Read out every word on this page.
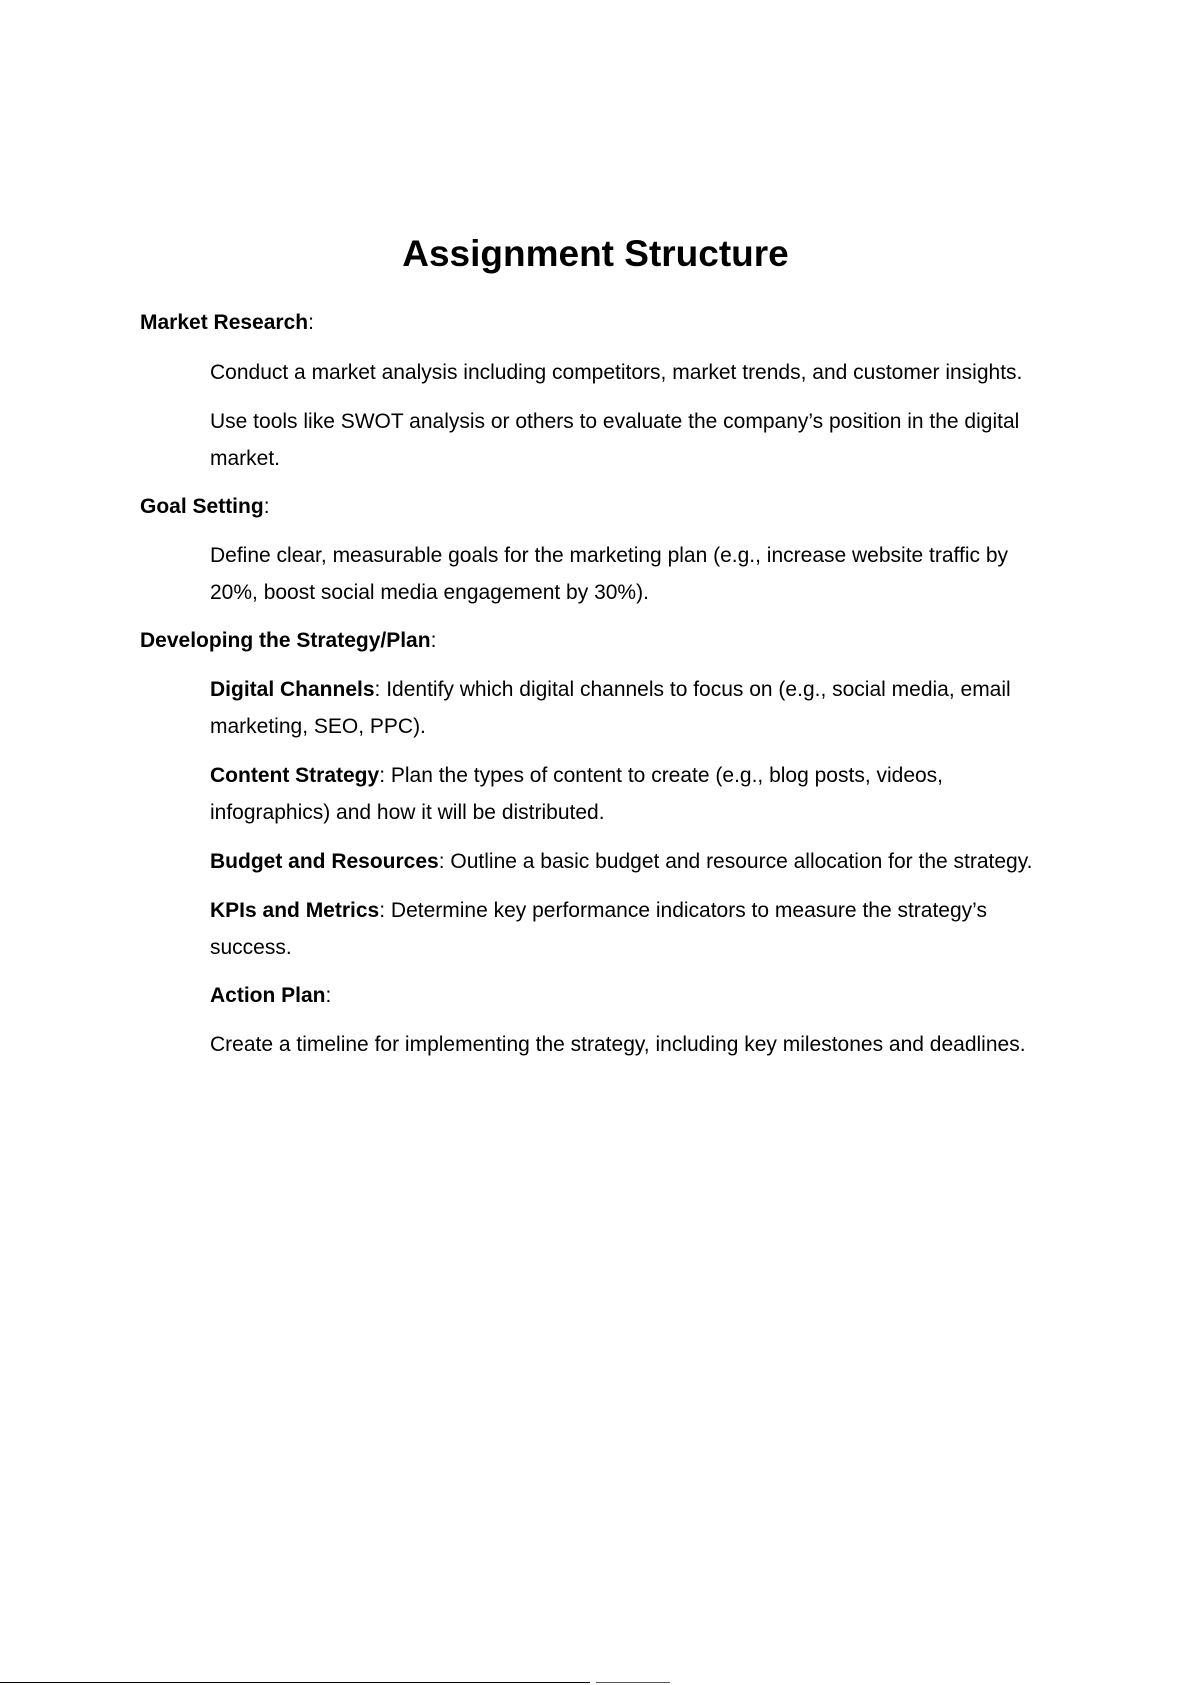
Assignment Structure

Market Research:

Conduct a market analysis including competitors, market trends, and customer insights.

Use tools like SWOT analysis or others to evaluate the company’s position in the digital

market.

Goal Setting:

Define clear, measurable goals for the marketing plan (e.g., increase website traffic by

20%, boost social media engagement by 30%).

Developing the Strategy/Plan:

Digital Channels: Identify which digital channels to focus on (e.g., social media, email

marketing, SEO, PPC).

Content Strategy: Plan the types of content to create (e.g., blog posts, videos,

infographics) and how it will be distributed.

Budget and Resources: Outline a basic budget and resource allocation for the strategy.

KPIs and Metrics: Determine key performance indicators to measure the strategy’s

success.

Action Plan:

Create a timeline for implementing the strategy, including key milestones and deadlines.
